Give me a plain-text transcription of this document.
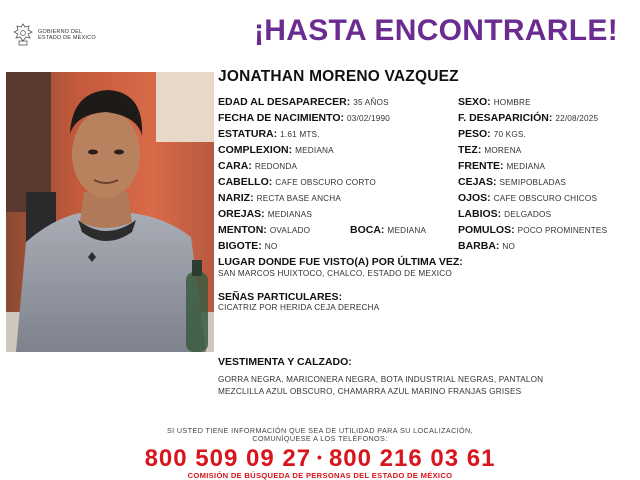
GOBIERNO DEL
ESTADO DE MÉXICO	¡HASTA ENCONTRARLE!
JONATHAN MORENO VAZQUEZ
EDAD AL DESAPARECER: 35 AÑOS
FECHA DE NACIMIENTO: 03/02/1990
ESTATURA: 1.61 MTS.
COMPLEXION: MEDIANA
CARA: REDONDA
CABELLO: CAFE OBSCURO CORTO
NARIZ: RECTA BASE ANCHA
OREJAS: MEDIANAS
MENTON: OVALADO	BOCA: MEDIANA
BIGOTE: NO
SEXO: HOMBRE
F. DESAPARICIÓN: 22/08/2025
PESO: 70 KGS.
TEZ: MORENA
FRENTE: MEDIANA
CEJAS: SEMIPOBLADAS
OJOS: CAFE OBSCURO CHICOS
LABIOS: DELGADOS
POMULOS: POCO PROMINENTES
BARBA: NO
LUGAR DONDE FUE VISTO(A) POR ÚLTIMA VEZ:
SAN MARCOS HUIXTOCO, CHALCO, ESTADO DE MEXICO
SEÑAS PARTICULARES:
CICATRIZ POR HERIDA CEJA DERECHA
VESTIMENTA Y CALZADO:
GORRA NEGRA, MARICONERA NEGRA, BOTA INDUSTRIAL NEGRAS, PANTALON
MEZCLILLA AZUL OBSCURO, CHAMARRA AZUL MARINO FRANJAS GRISES
SI USTED TIENE INFORMACIÓN QUE SEA DE UTILIDAD PARA SU LOCALIZACIÓN,
COMUNÍQUESE A LOS TELÉFONOS:
800 509 09 27 • 800 216 03 61
COMISIÓN DE BÚSQUEDA DE PERSONAS DEL ESTADO DE MÉXICO
